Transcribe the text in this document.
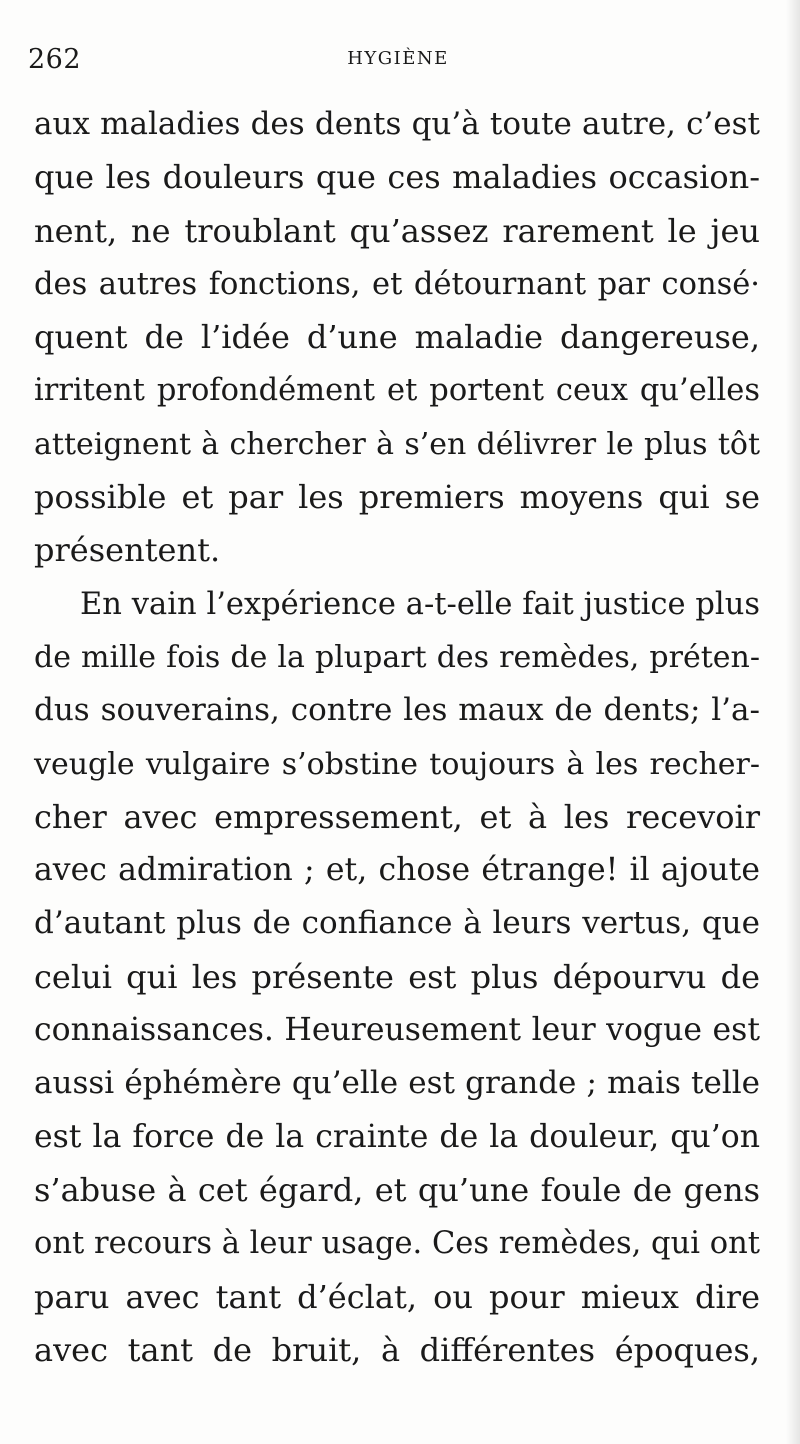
262	HYGIÈNE
aux maladies des dents qu’à toute autre, c’est
que les douleurs que ces maladies occasion-
nent, ne troublant qu’assez rarement le jeu
des autres fonctions, et détournant par consé·
quent de l’idée d’une maladie dangereuse,
irritent profondément et portent ceux qu’elles
atteignent à chercher à s’en délivrer le plus tôt
possible et par les premiers moyens qui se
présentent.
En vain l’expérience a-t-elle fait justice plus
de mille fois de la plupart des remèdes, préten-
dus souverains, contre les maux de dents; l’a-
veugle vulgaire s’obstine toujours à les recher-
cher avec empressement, et à les recevoir
avec admiration ; et, chose étrange! il ajoute
d’autant plus de confiance à leurs vertus, que
celui qui les présente est plus dépourvu de
connaissances. Heureusement leur vogue est
aussi éphémère qu’elle est grande ; mais telle
est la force de la crainte de la douleur, qu’on
s’abuse à cet égard, et qu’une foule de gens
ont recours à leur usage. Ces remèdes, qui ont
paru avec tant d’éclat, ou pour mieux dire
avec tant de bruit, à différentes époques,
